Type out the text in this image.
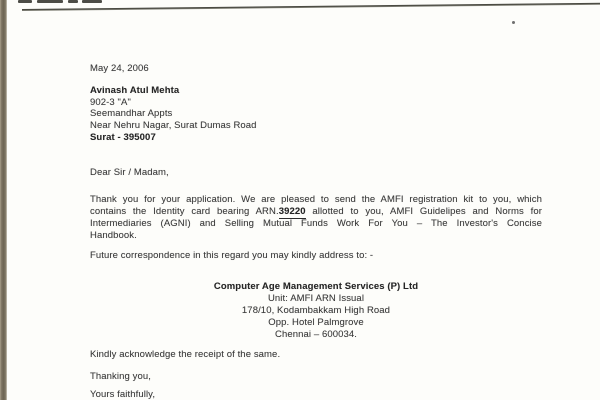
May 24, 2006
Avinash Atul Mehta
902-3 "A"
Seemandhar Appts
Near Nehru Nagar, Surat Dumas Road
Surat - 395007
Dear Sir / Madam,
Thank you for your application. We are pleased to send the AMFI registration kit to you, which
contains the Identity card bearing ARN.39220 allotted to you, AMFI Guidelipes and Norms for
Intermediaries (AGNI) and Selling Mutual Funds Work For You – The Investor's Concise
Handbook.
Future correspondence in this regard you may kindly address to: -
Computer Age Management Services (P) Ltd
Unit: AMFI ARN Issual
178/10, Kodambakkam High Road
Opp. Hotel Palmgrove
Chennai – 600034.
Kindly acknowledge the receipt of the same.
Thanking you,
Yours faithfully,
